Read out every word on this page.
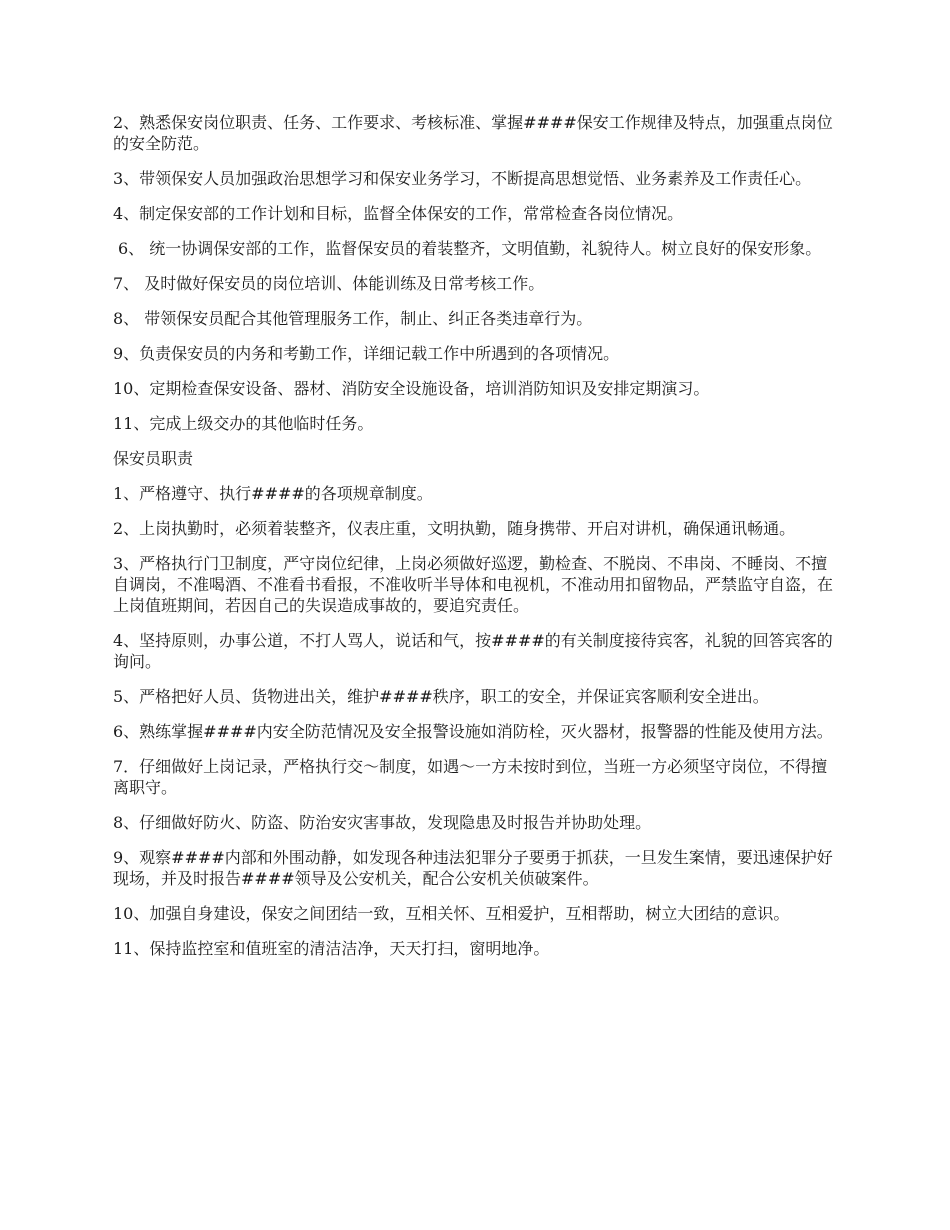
2、熟悉保安岗位职责、任务、工作要求、考核标准、掌握####保安工作规律及特点，加强重点岗位的安全防范。

3、带领保安人员加强政治思想学习和保安业务学习，不断提高思想觉悟、业务素养及工作责任心。

4、制定保安部的工作计划和目标，监督全体保安的工作，常常检查各岗位情况。

6、 统一协调保安部的工作，监督保安员的着装整齐，文明值勤，礼貌待人。树立良好的保安形象。

7、 及时做好保安员的岗位培训、体能训练及日常考核工作。

8、 带领保安员配合其他管理服务工作，制止、纠正各类违章行为。

9、负责保安员的内务和考勤工作，详细记载工作中所遇到的各项情况。

10、定期检查保安设备、器材、消防安全设施设备，培训消防知识及安排定期演习。

11、完成上级交办的其他临时任务。

保安员职责

1、严格遵守、执行####的各项规章制度。

2、上岗执勤时，必须着装整齐，仪表庄重，文明执勤，随身携带、开启对讲机，确保通讯畅通。

3、严格执行门卫制度，严守岗位纪律，上岗必须做好巡逻，勤检查、不脱岗、不串岗、不睡岗、不擅自调岗，不准喝酒、不准看书看报，不准收听半导体和电视机，不准动用扣留物品，严禁监守自盗，在上岗值班期间，若因自己的失误造成事故的，要追究责任。

4、坚持原则，办事公道，不打人骂人，说话和气，按####的有关制度接待宾客，礼貌的回答宾客的询问。

5、严格把好人员、货物进出关，维护####秩序，职工的安全，并保证宾客顺利安全进出。

6、熟练掌握####内安全防范情况及安全报警设施如消防栓，灭火器材，报警器的性能及使用方法。

7．仔细做好上岗记录，严格执行交～制度，如遇～一方未按时到位，当班一方必须坚守岗位，不得擅离职守。

8、仔细做好防火、防盗、防治安灾害事故，发现隐患及时报告并协助处理。

9、观察####内部和外围动静，如发现各种违法犯罪分子要勇于抓获，一旦发生案情，要迅速保护好现场，并及时报告####领导及公安机关，配合公安机关侦破案件。

10、加强自身建设，保安之间团结一致，互相关怀、互相爱护，互相帮助，树立大团结的意识。

11、保持监控室和值班室的清洁洁净，天天打扫，窗明地净。
